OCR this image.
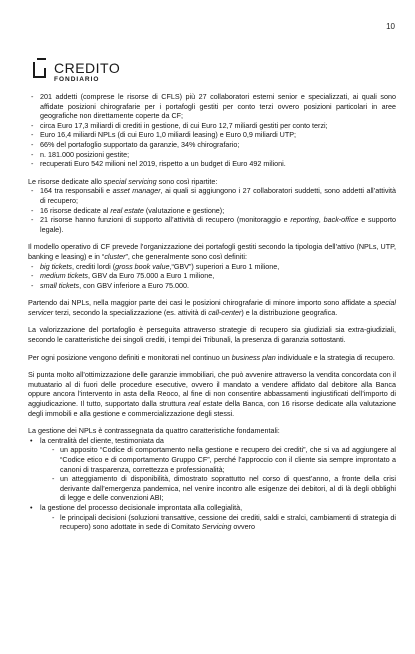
10
CREDITO
FONDIARIO
- 201 addetti (comprese le risorse di CFLS) più 27 collaboratori esterni senior e specializzati, ai quali sono affidate posizioni chirografarie per i portafogli gestiti per conto terzi ovvero posizioni particolari in aree geografiche non direttamente coperte da CF;
- circa Euro 17,3 miliardi di crediti in gestione, di cui Euro 12,7 miliardi gestiti per conto terzi;
- Euro 16,4 miliardi NPLs (di cui Euro 1,0 miliardi leasing) e Euro 0,9 miliardi UTP;
- 66% del portafoglio supportato da garanzie, 34% chirografario;
- n. 181.000 posizioni gestite;
- recuperati Euro 542 milioni nel 2019, rispetto a un budget di Euro 492 milioni.
Le risorse dedicate allo special servicing sono così ripartite:
- 164 tra responsabili e asset manager, ai quali si aggiungono i 27 collaboratori suddetti, sono addetti all’attività di recupero;
- 16 risorse dedicate al real estate (valutazione e gestione);
- 21 risorse hanno funzioni di supporto all’attività di recupero (monitoraggio e reporting, back-office e supporto legale).
Il modello operativo di CF prevede l’organizzazione dei portafogli gestiti secondo la tipologia dell’attivo (NPLs, UTP, banking e leasing) e in “cluster”, che generalmente sono così definiti:
- big tickets, crediti lordi (gross book value,“GBV”) superiori a Euro 1 milione,
- medium tickets, GBV da Euro 75.000 a Euro 1 milione,
- small tickets, con GBV inferiore a Euro 75.000.
Partendo dai NPLs, nella maggior parte dei casi le posizioni chirografarie di minore importo sono affidate a special servicer terzi, secondo la specializzazione (es. attività di call-center) e la distribuzione geografica.
La valorizzazione del portafoglio è perseguita attraverso strategie di recupero sia giudiziali sia extra-giudiziali, secondo le caratteristiche dei singoli crediti, i tempi dei Tribunali, la presenza di garanzia sottostanti.
Per ogni posizione vengono definiti e monitorati nel continuo un business plan individuale e la strategia di recupero.
Si punta molto all’ottimizzazione delle garanzie immobiliari, che può avvenire attraverso la vendita concordata con il mutuatario al di fuori delle procedure esecutive, ovvero il mandato a vendere affidato dal debitore alla Banca oppure ancora l’intervento in asta della Reoco, al fine di non consentire abbassamenti ingiustificati dell’importo di aggiudicazione. Il tutto, supportato dalla struttura real estate della Banca, con 16 risorse dedicate alla valutazione degli immobili e alla gestione e commercializzazione degli stessi.
La gestione dei NPLs è contrassegnata da quattro caratteristiche fondamentali:
• la centralità del cliente, testimoniata da
- un apposito “Codice di comportamento nella gestione e recupero dei crediti”, che si va ad aggiungere al “Codice etico e di comportamento Gruppo CF”, perché l’approccio con il cliente sia sempre improntato a canoni di trasparenza, correttezza e professionalità;
- un atteggiamento di disponibilità, dimostrato soprattutto nel corso di quest’anno, a fronte della crisi derivante dall’emergenza pandemica, nel venire incontro alle esigenze dei debitori, al di là degli obblighi di legge e delle convenzioni ABI;
• la gestione del processo decisionale improntata alla collegialità,
- le principali decisioni (soluzioni transattive, cessione dei crediti, saldi e stralci, cambiamenti di strategia di recupero) sono adottate in sede di Comitato Servicing ovvero
